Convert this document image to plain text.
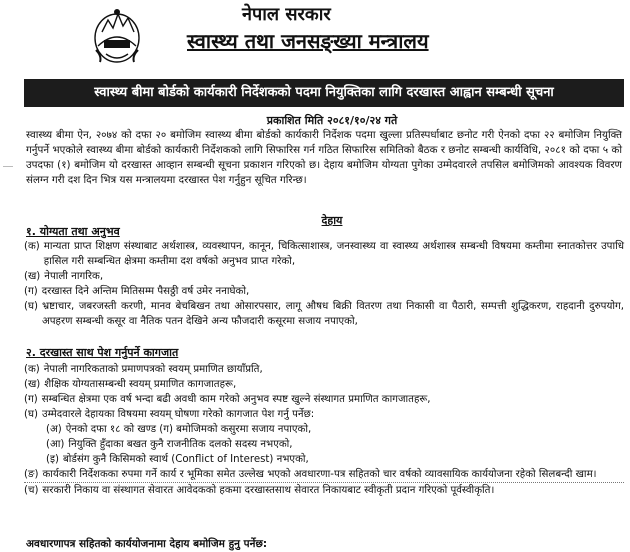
नेपाल सरकार
स्वास्थ्य तथा जनसङ्ख्या मन्त्रालय
स्वास्थ्य बीमा बोर्डको कार्यकारी निर्देशकको पदमा नियुक्तिका लागि दरखास्त आह्वान सम्बन्धी सूचना
प्रकाशित मिति २०८१/१०/२४ गते

स्वास्थ्य बीमा ऐन, २०७४ को दफा २० बमोजिम स्वास्थ्य बीमा बोर्डको कार्यकारी निर्देशक पदमा खुल्ला प्रतिस्पर्धाबाट छनोट गरी ऐनको दफा २२ बमोजिम नियुक्ति गर्नुपर्ने भएकोले स्वास्थ्य बीमा बोर्डको कार्यकारी निर्देशकको लागि सिफारिस गर्न गठित सिफारिस समितिको बैठक र छनोट सम्बन्धी कार्यविधि, २०८१ को दफा ५ को उपदफा (१) बमोजिम यो दरखास्त आव्हान सम्बन्धी सूचना प्रकाशन गरिएको छ। देहाय बमोजिम योग्यता पुगेका उम्मेदवारले तपसिल बमोजिमको आवश्यक विवरण संलग्न गरी दश दिन भित्र यस मन्त्रालयमा दरखास्त पेश गर्नुहुन सूचित गरिन्छ।

देहाय
१. योग्यता तथा अनुभव
(क) मान्यता प्राप्त शिक्षण संस्थाबाट अर्थशास्त्र, व्यवस्थापन, कानून, चिकित्साशास्त्र, जनस्वास्थ्य वा स्वास्थ्य अर्थशास्त्र सम्बन्धी विषयमा कम्तीमा स्नातकोत्तर उपाधि हासिल गरी सम्बन्धित क्षेत्रमा कम्तीमा दश वर्षको अनुभव प्राप्त गरेको,
(ख) नेपाली नागरिक,
(ग) दरखास्त दिने अन्तिम मितिसम्म पैसठ्ठी वर्ष उमेर ननाघेको,
(घ) भ्रष्टाचार, जबरजस्ती करणी, मानव बेचबिखन तथा ओसारपसार, लागू औषध बिक्री वितरण तथा निकासी वा पैठारी, सम्पत्ती शुद्धिकरण, राहदानी दुरुपयोग, अपहरण सम्बन्धी कसूर वा नैतिक पतन देखिने अन्य फौजदारी कसूरमा सजाय नपाएको,
२. दरखास्त साथ पेश गर्नुपर्ने कागजात
(क) नेपाली नागरिकताको प्रमाणपत्रको स्वयम् प्रमाणित छायाँप्रति,
(ख) शैक्षिक योग्यतासम्बन्धी स्वयम् प्रमाणित कागजातहरू,
(ग) सम्बन्धित क्षेत्रमा एक वर्ष भन्दा बढी अवधी काम गरेको अनुभव स्पष्ट खुल्ने संस्थागत प्रमाणित कागजातहरू,
(घ) उम्मेदवारले देहायका विषयमा स्वयम् घोषणा गरेको कागजात पेश गर्नु पर्नेछ:
(अ) ऐनको दफा १८ को खण्ड (ग) बमोजिमको कसुरमा सजाय नपाएको,
(आ) नियुक्ति हुँदाका बखत कुनै राजनीतिक दलको सदस्य नभएको,
(इ) बोर्डसंग कुनै किसिमको स्वार्थ (Conflict of Interest) नभएको,
(ङ) कार्यकारी निर्देशकका रुपमा गर्ने कार्य र भूमिका समेत उल्लेख भएको अवधारणा-पत्र सहितको चार वर्षको व्यावसायिक कार्ययोजना रहेको सिलबन्दी खाम।
(च) सरकारी निकाय वा संस्थागत सेवारत आवेदकको हकमा दरखास्तसाथ सेवारत निकायबाट स्वीकृती प्रदान गरिएको पूर्वस्वीकृति।
अवधारणापत्र सहितको कार्ययोजनामा देहाय बमोजिम हुनु पर्नेछ:
